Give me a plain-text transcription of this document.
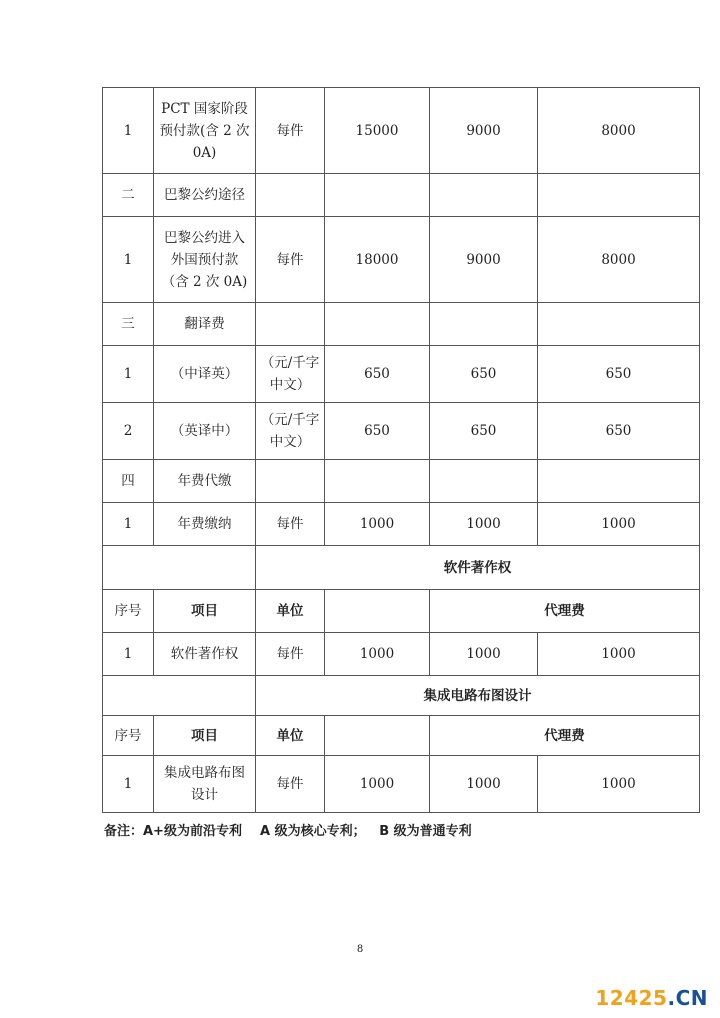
1	PCT 国家阶段预付款(含 2 次 0A)	每件	15000	9000	8000
二	巴黎公约途径				
1	巴黎公约进入外国预付款（含 2 次 0A)	每件	18000	9000	8000
三	翻译费				
1	（中译英）	（元/千字中文）	650	650	650
2	（英译中）	（元/千字中文）	650	650	650
四	年费代缴				
1	年费缴纳	每件	1000	1000	1000
		软件著作权			
序号	项目	单位		代理费	
1	软件著作权	每件	1000	1000	1000
		集成电路布图设计			
序号	项目	单位		代理费	
1	集成电路布图设计	每件	1000	1000	1000
备注：A+级为前沿专利    A 级为核心专利；   B 级为普通专利
8
12425.CN
